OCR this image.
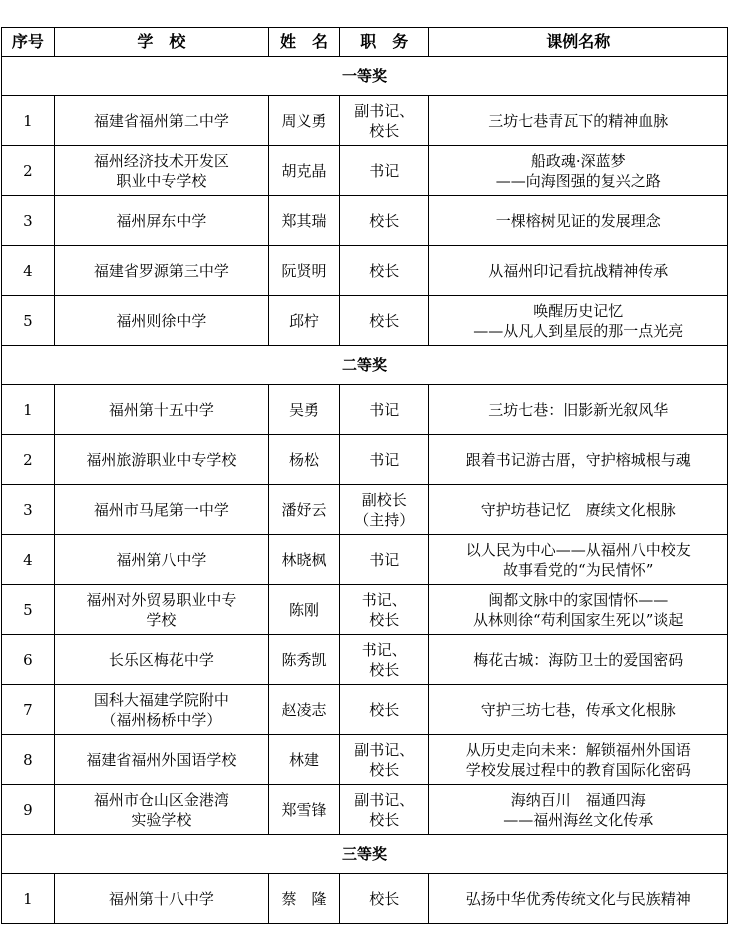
序号	学　校	姓　名	职　务	课例名称
一等奖				
1	福建省福州第二中学	周义勇	副书记、
校长	三坊七巷青瓦下的精神血脉
2	福州经济技术开发区
职业中专学校	胡克晶	书记	船政魂·深蓝梦
——向海图强的复兴之路
3	福州屏东中学	郑其瑞	校长	一棵榕树见证的发展理念
4	福建省罗源第三中学	阮贤明	校长	从福州印记看抗战精神传承
5	福州则徐中学	邱柠	校长	唤醒历史记忆
——从凡人到星辰的那一点光亮
二等奖				
1	福州第十五中学	吴勇	书记	三坊七巷：旧影新光叙风华
2	福州旅游职业中专学校	杨松	书记	跟着书记游古厝，守护榕城根与魂
3	福州市马尾第一中学	潘妤云	副校长
（主持）	守护坊巷记忆　赓续文化根脉
4	福州第八中学	林晓枫	书记	以人民为中心——从福州八中校友
故事看党的“为民情怀”
5	福州对外贸易职业中专
学校	陈刚	书记、
校长	闽都文脉中的家国情怀——
从林则徐“苟利国家生死以”谈起
6	长乐区梅花中学	陈秀凯	书记、
校长	梅花古城：海防卫士的爱国密码
7	国科大福建学院附中
（福州杨桥中学）	赵凌志	校长	守护三坊七巷，传承文化根脉
8	福建省福州外国语学校	林建	副书记、
校长	从历史走向未来：解锁福州外国语
学校发展过程中的教育国际化密码
9	福州市仓山区金港湾
实验学校	郑雪锋	副书记、
校长	海纳百川　福通四海
——福州海丝文化传承
三等奖				
1	福州第十八中学	蔡　隆	校长	弘扬中华优秀传统文化与民族精神
